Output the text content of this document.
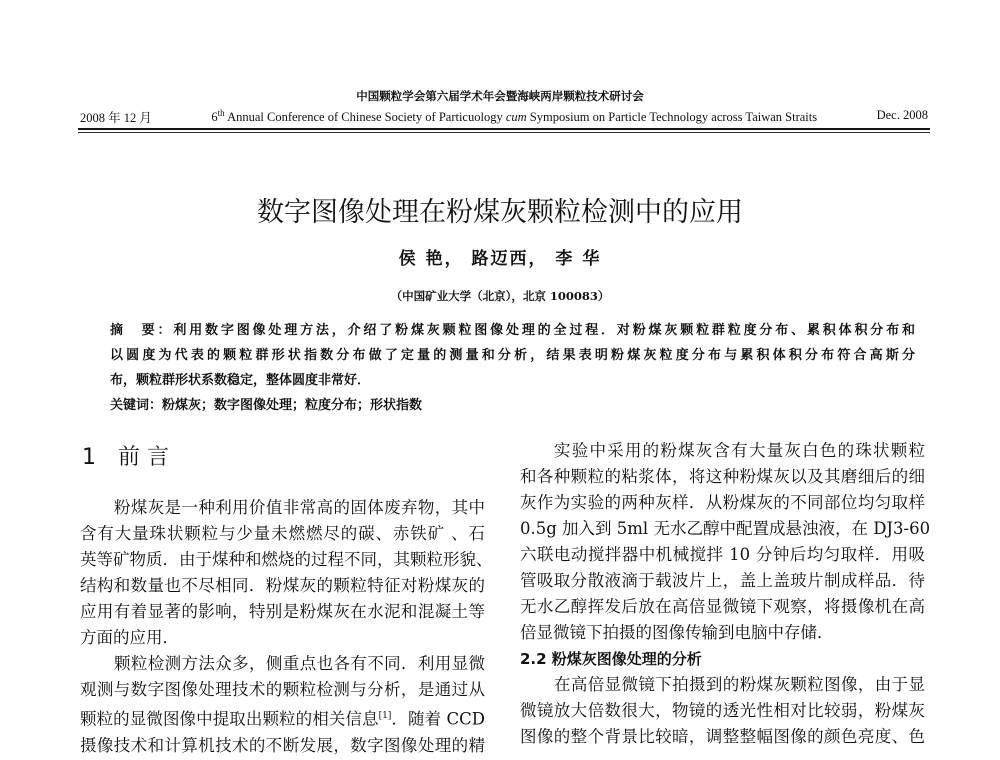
中国颗粒学会第六届学术年会暨海峡两岸颗粒技术研讨会
2008 年 12 月	6th Annual Conference of Chinese Society of Particuology cum Symposium on Particle Technology across Taiwan Straits	Dec. 2008
数字图像处理在粉煤灰颗粒检测中的应用
侯 艳， 路迈西， 李 华
（中国矿业大学（北京），北京 100083）
摘　要：利用数字图像处理方法，介绍了粉煤灰颗粒图像处理的全过程．对粉煤灰颗粒群粒度分布、累积体积分布和
以圆度为代表的颗粒群形状指数分布做了定量的测量和分析，结果表明粉煤灰粒度分布与累积体积分布符合高斯分
布，颗粒群形状系数稳定，整体圆度非常好．
关键词：粉煤灰；数字图像处理；粒度分布；形状指数
1　前 言
粉煤灰是一种利用价值非常高的固体废弃物，其中
含有大量珠状颗粒与少量未燃燃尽的碳、赤铁矿 、石
英等矿物质．由于煤种和燃烧的过程不同，其颗粒形貌、
结构和数量也不尽相同．粉煤灰的颗粒特征对粉煤灰的
应用有着显著的影响，特别是粉煤灰在水泥和混凝土等
方面的应用．
颗粒检测方法众多，侧重点也各有不同．利用显微
观测与数字图像处理技术的颗粒检测与分析，是通过从
颗粒的显微图像中提取出颗粒的相关信息[1]．随着 CCD
摄像技术和计算机技术的不断发展，数字图像处理的精
实验中采用的粉煤灰含有大量灰白色的珠状颗粒
和各种颗粒的粘浆体，将这种粉煤灰以及其磨细后的细
灰作为实验的两种灰样．从粉煤灰的不同部位均匀取样
0.5g 加入到 5ml 无水乙醇中配置成悬浊液，在 DJ3-60
六联电动搅拌器中机械搅拌 10 分钟后均匀取样．用吸
管吸取分散液滴于载波片上，盖上盖玻片制成样品．待
无水乙醇挥发后放在高倍显微镜下观察，将摄像机在高
倍显微镜下拍摄的图像传输到电脑中存储．
2.2 粉煤灰图像处理的分析
在高倍显微镜下拍摄到的粉煤灰颗粒图像，由于显
微镜放大倍数很大，物镜的透光性相对比较弱，粉煤灰
图像的整个背景比较暗，调整整幅图像的颜色亮度、色
